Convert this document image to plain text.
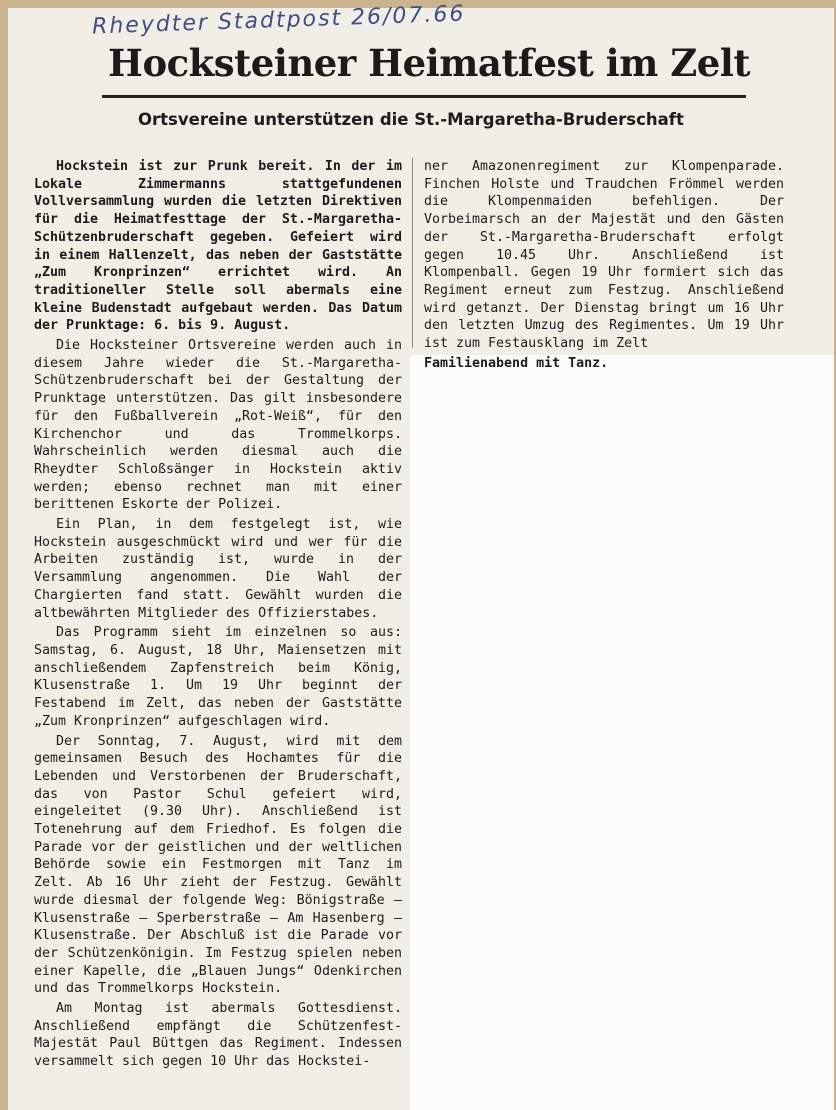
Rheydter Stadtpost 26/07.66
Hocksteiner Heimatfest im Zelt
Ortsvereine unterstützen die St.-Margaretha-Bruderschaft

Hockstein ist zur Prunk bereit. In der im Lokale Zimmermanns stattgefundenen Vollversammlung wurden die letzten Direktiven für die Heimatfesttage der St.-Margaretha-Schützenbruderschaft gegeben. Gefeiert wird in einem Hallenzelt, das neben der Gaststätte „Zum Kronprinzen“ errichtet wird. An traditioneller Stelle soll abermals eine kleine Budenstadt aufgebaut werden. Das Datum der Prunktage: 6. bis 9. August.

Die Hocksteiner Ortsvereine werden auch in diesem Jahre wieder die St.-Margaretha-Schützenbruderschaft bei der Gestaltung der Prunktage unterstützen. Das gilt insbesondere für den Fußballverein „Rot-Weiß“, für den Kirchenchor und das Trommelkorps. Wahrscheinlich werden diesmal auch die Rheydter Schloßsänger in Hockstein aktiv werden; ebenso rechnet man mit einer berittenen Eskorte der Polizei.

Ein Plan, in dem festgelegt ist, wie Hockstein ausgeschmückt wird und wer für die Arbeiten zuständig ist, wurde in der Versammlung angenommen. Die Wahl der Chargierten fand statt. Gewählt wurden die altbewährten Mitglieder des Offizierstabes.

Das Programm sieht im einzelnen so aus: Samstag, 6. August, 18 Uhr, Maiensetzen mit anschließendem Zapfenstreich beim König, Klusenstraße 1. Um 19 Uhr beginnt der Festabend im Zelt, das neben der Gaststätte „Zum Kronprinzen“ aufgeschlagen wird.

Der Sonntag, 7. August, wird mit dem gemeinsamen Besuch des Hochamtes für die Lebenden und Verstorbenen der Bruderschaft, das von Pastor Schul gefeiert wird, eingeleitet (9.30 Uhr). Anschließend ist Totenehrung auf dem Friedhof. Es folgen die Parade vor der geistlichen und der weltlichen Behörde sowie ein Festmorgen mit Tanz im Zelt. Ab 16 Uhr zieht der Festzug. Gewählt wurde diesmal der folgende Weg: Bönigstraße — Klusenstraße — Sperberstraße — Am Hasenberg — Klusenstraße. Der Abschluß ist die Parade vor der Schützenkönigin. Im Festzug spielen neben einer Kapelle, die „Blauen Jungs“ Odenkirchen und das Trommelkorps Hockstein.

Am Montag ist abermals Gottesdienst. Anschließend empfängt die Schützenfest-Majestät Paul Büttgen das Regiment. Indessen versammelt sich gegen 10 Uhr das Hockstei-

ner Amazonenregiment zur Klompenparade. Finchen Holste und Traudchen Frömmel werden die Klompenmaiden befehligen. Der Vorbeimarsch an der Majestät und den Gästen der St.-Margaretha-Bruderschaft erfolgt gegen 10.45 Uhr. Anschließend ist Klompenball. Gegen 19 Uhr formiert sich das Regiment erneut zum Festzug. Anschließend wird getanzt. Der Dienstag bringt um 16 Uhr den letzten Umzug des Regimentes. Um 19 Uhr ist zum Festausklang im Zelt

Familienabend mit Tanz.
